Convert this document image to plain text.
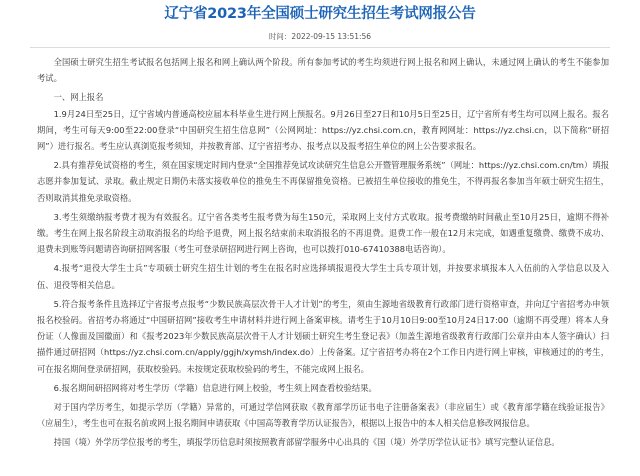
辽宁省2023年全国硕士研究生招生考试网报公告
时间：2022-09-15 13:51:56

全国硕士研究生招生考试报名包括网上报名和网上确认两个阶段。所有参加考试的考生均须进行网上报名和网上确认，未通过网上确认的考生不能参加考试。

一、网上报名

1.9月24日至25日，辽宁省域内普通高校应届本科毕业生进行网上预报名。9月26日至27日和10月5日至25日，辽宁省所有考生均可以网上报名。报名期间，考生可每天9:00至22:00登录“中国研究生招生信息网”（公网网址：https://yz.chsi.com.cn，教育网网址：https://yz.chsi.cn，以下简称“研招网”）进行报名。考生应认真浏览报考须知，并按教育部、辽宁省招考办、报考点以及报考招生单位的网上公告要求报名。

2.具有推荐免试资格的考生，须在国家规定时间内登录“全国推荐免试攻读研究生信息公开暨管理服务系统”（网址：https://yz.chsi.com.cn/tm）填报志愿并参加复试、录取。截止规定日期仍未落实接收单位的推免生不再保留推免资格。已被招生单位接收的推免生，不得再报名参加当年硕士研究生招生，否则取消其推免录取资格。

3.考生须缴纳报考费才视为有效报名。辽宁省各类考生报考费为每生150元，采取网上支付方式收取。报考费缴纳时间截止至10月25日，逾期不得补缴。考生在网上报名阶段主动取消报名的均给予退费，网上报名结束前未取消报名的不再退费。退费工作一般在12月末完成，如遇重复缴费、缴费不成功、退费未到账等问题请咨询研招网客服（考生可登录研招网进行网上咨询，也可以拨打010-67410388电话咨询）。

4.报考“退役大学生士兵”专项硕士研究生招生计划的考生在报名时应选择填报退役大学生士兵专项计划，并按要求填报本人入伍前的入学信息以及入伍、退役等相关信息。

5.符合报考条件且选择辽宁省报考点报考“少数民族高层次骨干人才计划”的考生，须由生源地省级教育行政部门进行资格审查，并向辽宁省招考办申领报名校验码。省招考办将通过“中国研招网”接收考生申请材料并进行网上备案审核。请考生于10月10日9:00至10月24日17:00（逾期不再受理）将本人身份证（人像面及国徽面）和《报考2023年少数民族高层次骨干人才计划硕士研究生考生登记表》（加盖生源地省级教育行政部门公章并由本人签字确认）扫描件通过研招网（https://yz.chsi.com.cn/apply/ggjh/xymsh/index.do）上传备案。辽宁省招考办将在2个工作日内进行网上审核，审核通过的的考生，可在报名期间登录研招网，获取校验码。未按规定获取校验码的考生，不能完成网上报名。

6.报名期间研招网将对考生学历（学籍）信息进行网上校验，考生须上网查看校验结果。

对于国内学历考生，如提示学历（学籍）异常的，可通过学信网获取《教育部学历证书电子注册备案表》（非应届生）或《教育部学籍在线验证报告》（应届生），考生也可在报名前或网上报名期间申请获取《中国高等教育学历认证报告》，根据以上报告中的本人相关信息修改网报信息。

持国（境）外学历学位报考的考生，填报学历信息时须按照教育部留学服务中心出具的《国（境）外学历学位认证书》填写完整认证信息。
